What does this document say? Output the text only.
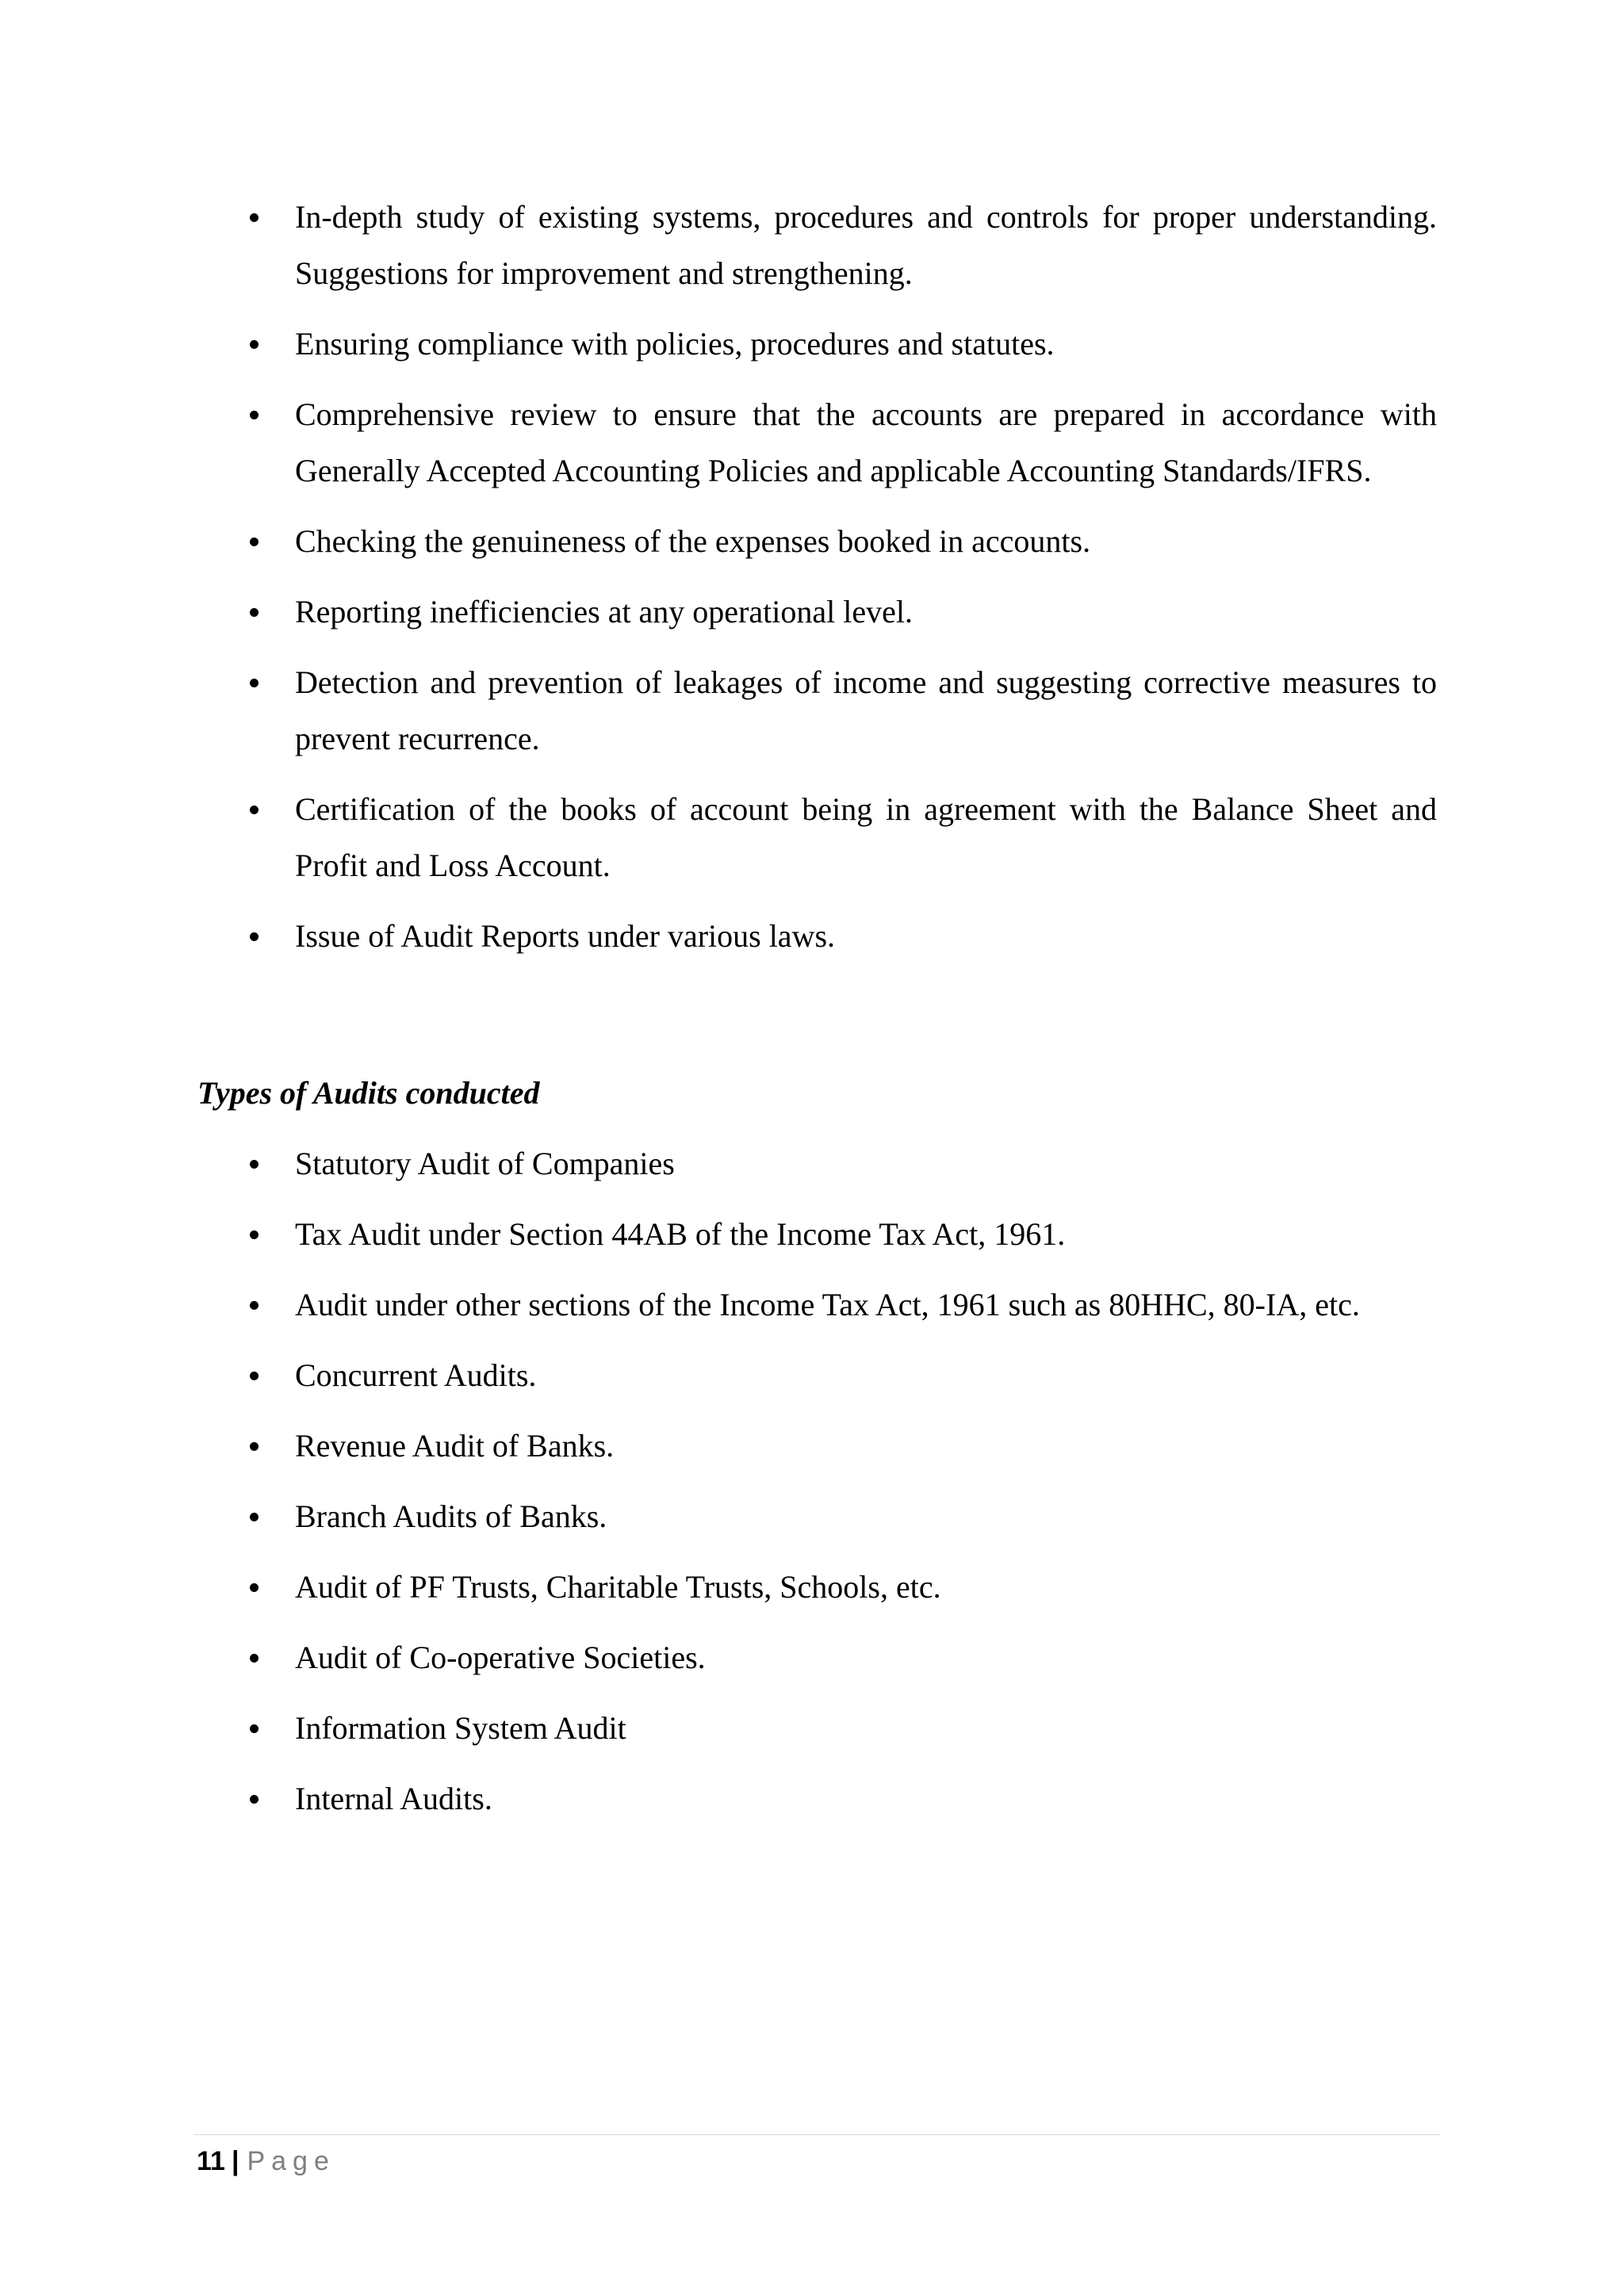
In-depth study of existing systems, procedures and controls for proper understanding. Suggestions for improvement and strengthening.
Ensuring compliance with policies, procedures and statutes.
Comprehensive review to ensure that the accounts are prepared in accordance with Generally Accepted Accounting Policies and applicable Accounting Standards/IFRS.
Checking the genuineness of the expenses booked in accounts.
Reporting inefficiencies at any operational level.
Detection and prevention of leakages of income and suggesting corrective measures to prevent recurrence.
Certification of the books of account being in agreement with the Balance Sheet and Profit and Loss Account.
Issue of Audit Reports under various laws.

Types of Audits conducted

Statutory Audit of Companies
Tax Audit under Section 44AB of the Income Tax Act, 1961.
Audit under other sections of the Income Tax Act, 1961 such as 80HHC, 80-IA, etc.
Concurrent Audits.
Revenue Audit of Banks.
Branch Audits of Banks.
Audit of PF Trusts, Charitable Trusts, Schools, etc.
Audit of Co-operative Societies.
Information System Audit
Internal Audits.
11 | Page
